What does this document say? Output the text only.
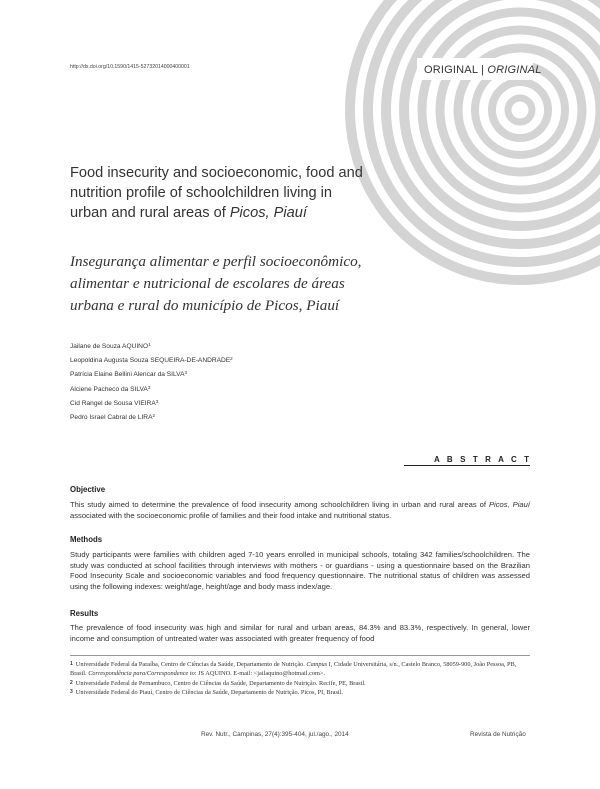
http://dx.doi.org/10.1590/1415-52732014000400001	ORIGINAL | ORIGINAL
Food insecurity and socioeconomic, food and nutrition profile of schoolchildren living in urban and rural areas of Picos, Piauí
Insegurança alimentar e perfil socioeconômico, alimentar e nutricional de escolares de áreas urbana e rural do município de Picos, Piauí
Jailane de Souza AQUINO$^1$
Leopoldina Augusta Souza SEQUEIRA-DE-ANDRADE$^2$
Patrícia Elaine Bellini Alencar da SILVA$^3$
Alciene Pacheco da SILVA$^3$
Cid Rangel de Sousa VIEIRA$^3$
Pedro Israel Cabral de LIRA$^2$
A B S T R A C T
Objective
This study aimed to determine the prevalence of food insecurity among schoolchildren living in urban and rural areas of Picos, Piauí associated with the socioeconomic profile of families and their food intake and nutritional status.
Methods
Study participants were families with children aged 7-10 years enrolled in municipal schools, totaling 342 families/schoolchildren. The study was conducted at school facilities through interviews with mothers - or guardians - using a questionnaire based on the Brazilian Food Insecurity Scale and socioeconomic variables and food frequency questionnaire. The nutritional status of children was assessed using the following indexes: weight/age, height/age and body mass index/age.
Results
The prevalence of food insecurity was high and similar for rural and urban areas, 84.3% and 83.3%, respectively. In general, lower income and consumption of untreated water was associated with greater frequency of food

1 Universidade Federal da Paraíba, Centro de Ciências da Saúde, Departamento de Nutrição. Campus I, Cidade Universitária, s/n., Castelo Branco, 58059-900, João Pessoa, PB, Brasil. Correspondência para/Correspondence to: JS AQUINO. E-mail: <jailaquino@hotmail.com>.

2 Universidade Federal de Pernambuco, Centro de Ciências da Saúde, Departamento de Nutrição. Recife, PE, Brasil.

3 Universidade Federal do Piauí, Centro de Ciências da Saúde, Departamento de Nutrição. Picos, PI, Brasil.

Rev. Nutr., Campinas, 27(4):395-404, jul./ago., 2014	Revista de Nutrição
